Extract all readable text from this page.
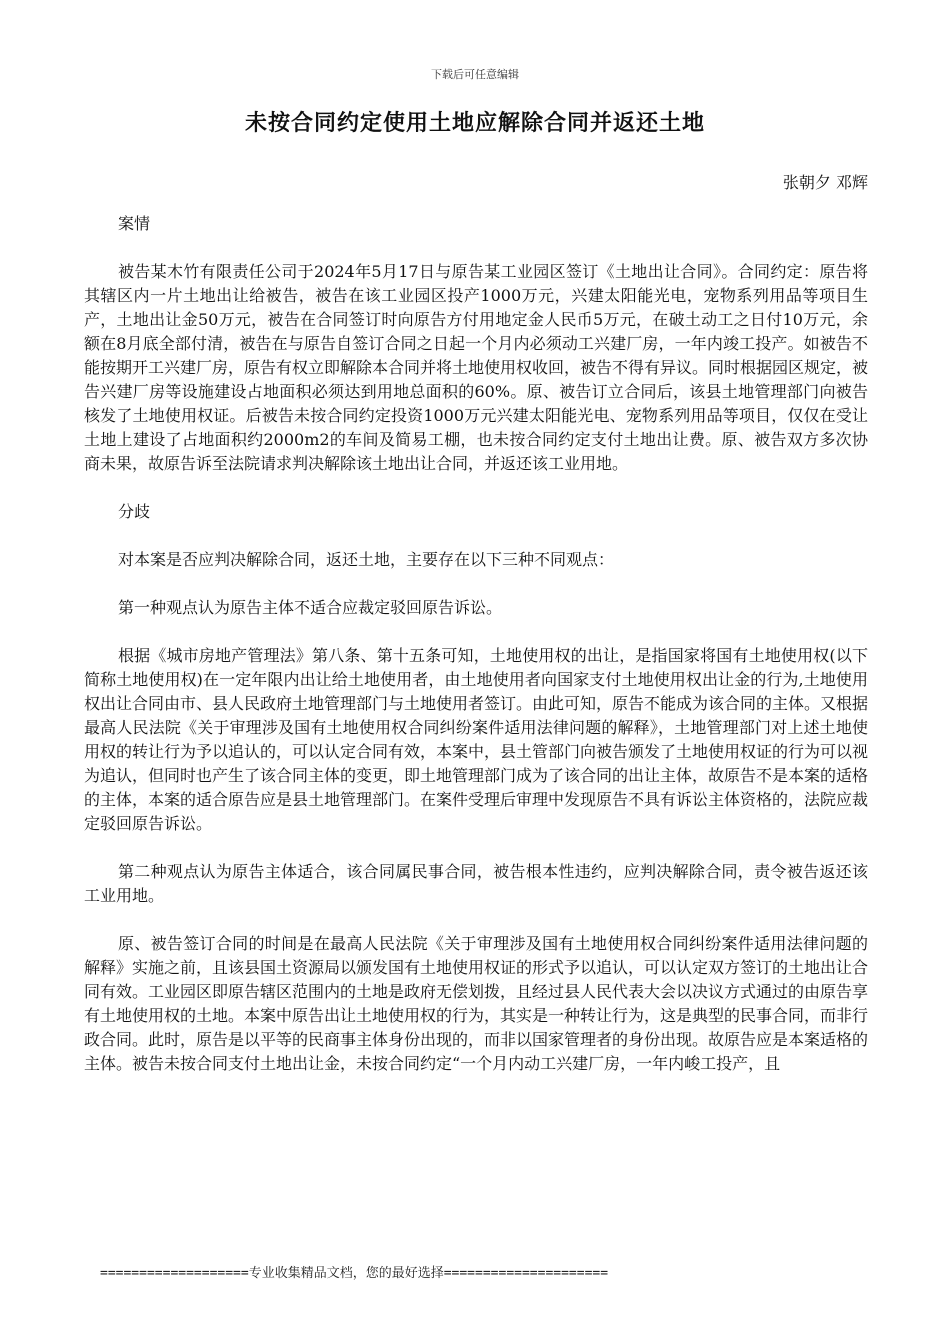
下载后可任意编辑
未按合同约定使用土地应解除合同并返还土地
张朝夕 邓辉

案情

被告某木竹有限责任公司于2024年5月17日与原告某工业园区签订《土地出让合同》。合同约定：原告将其辖区内一片土地出让给被告，被告在该工业园区投产1000万元，兴建太阳能光电，宠物系列用品等项目生产，土地出让金50万元，被告在合同签订时向原告方付用地定金人民币5万元，在破土动工之日付10万元，余额在8月底全部付清，被告在与原告自签订合同之日起一个月内必须动工兴建厂房，一年内竣工投产。如被告不能按期开工兴建厂房，原告有权立即解除本合同并将土地使用权收回，被告不得有异议。同时根据园区规定，被告兴建厂房等设施建设占地面积必须达到用地总面积的60%。原、被告订立合同后，该县土地管理部门向被告核发了土地使用权证。后被告未按合同约定投资1000万元兴建太阳能光电、宠物系列用品等项目，仅仅在受让土地上建设了占地面积约2000m2的车间及简易工棚，也未按合同约定支付土地出让费。原、被告双方多次协商未果，故原告诉至法院请求判决解除该土地出让合同，并返还该工业用地。

分歧

对本案是否应判决解除合同，返还土地，主要存在以下三种不同观点：

第一种观点认为原告主体不适合应裁定驳回原告诉讼。

根据《城市房地产管理法》第八条、第十五条可知，土地使用权的出让，是指国家将国有土地使用权(以下简称土地使用权)在一定年限内出让给土地使用者，由土地使用者向国家支付土地使用权出让金的行为,土地使用权出让合同由市、县人民政府土地管理部门与土地使用者签订。由此可知，原告不能成为该合同的主体。又根据最高人民法院《关于审理涉及国有土地使用权合同纠纷案件适用法律问题的解释》，土地管理部门对上述土地使用权的转让行为予以追认的，可以认定合同有效，本案中，县土管部门向被告颁发了土地使用权证的行为可以视为追认，但同时也产生了该合同主体的变更，即土地管理部门成为了该合同的出让主体，故原告不是本案的适格的主体，本案的适合原告应是县土地管理部门。在案件受理后审理中发现原告不具有诉讼主体资格的，法院应裁定驳回原告诉讼。

第二种观点认为原告主体适合，该合同属民事合同，被告根本性违约，应判决解除合同，责令被告返还该工业用地。

原、被告签订合同的时间是在最高人民法院《关于审理涉及国有土地使用权合同纠纷案件适用法律问题的解释》实施之前，且该县国土资源局以颁发国有土地使用权证的形式予以追认，可以认定双方签订的土地出让合同有效。工业园区即原告辖区范围内的土地是政府无偿划拨，且经过县人民代表大会以决议方式通过的由原告享有土地使用权的土地。本案中原告出让土地使用权的行为，其实是一种转让行为，这是典型的民事合同，而非行政合同。此时，原告是以平等的民商事主体身份出现的，而非以国家管理者的身份出现。故原告应是本案适格的主体。被告未按合同支付土地出让金，未按合同约定“一个月内动工兴建厂房，一年内峻工投产，且

===================专业收集精品文档，您的最好选择=====================
